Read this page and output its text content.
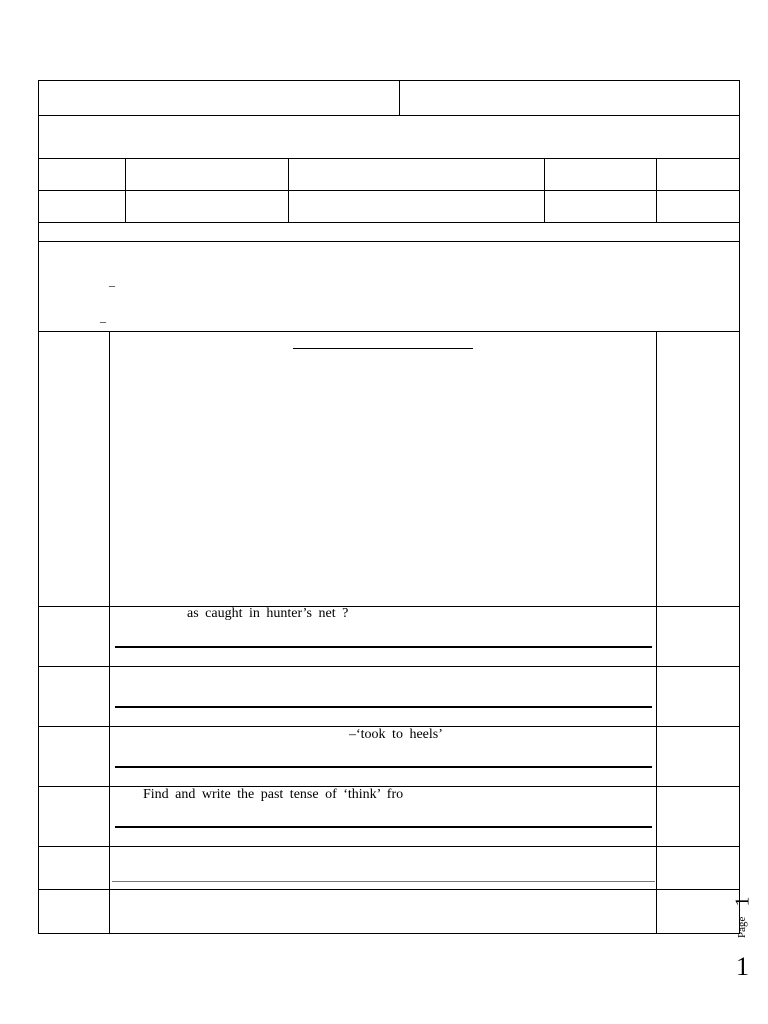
_
_
as caught in hunter’s net ?
–‘took to heels’
Find and write the past tense of ‘think’ fro
Page
1
1
